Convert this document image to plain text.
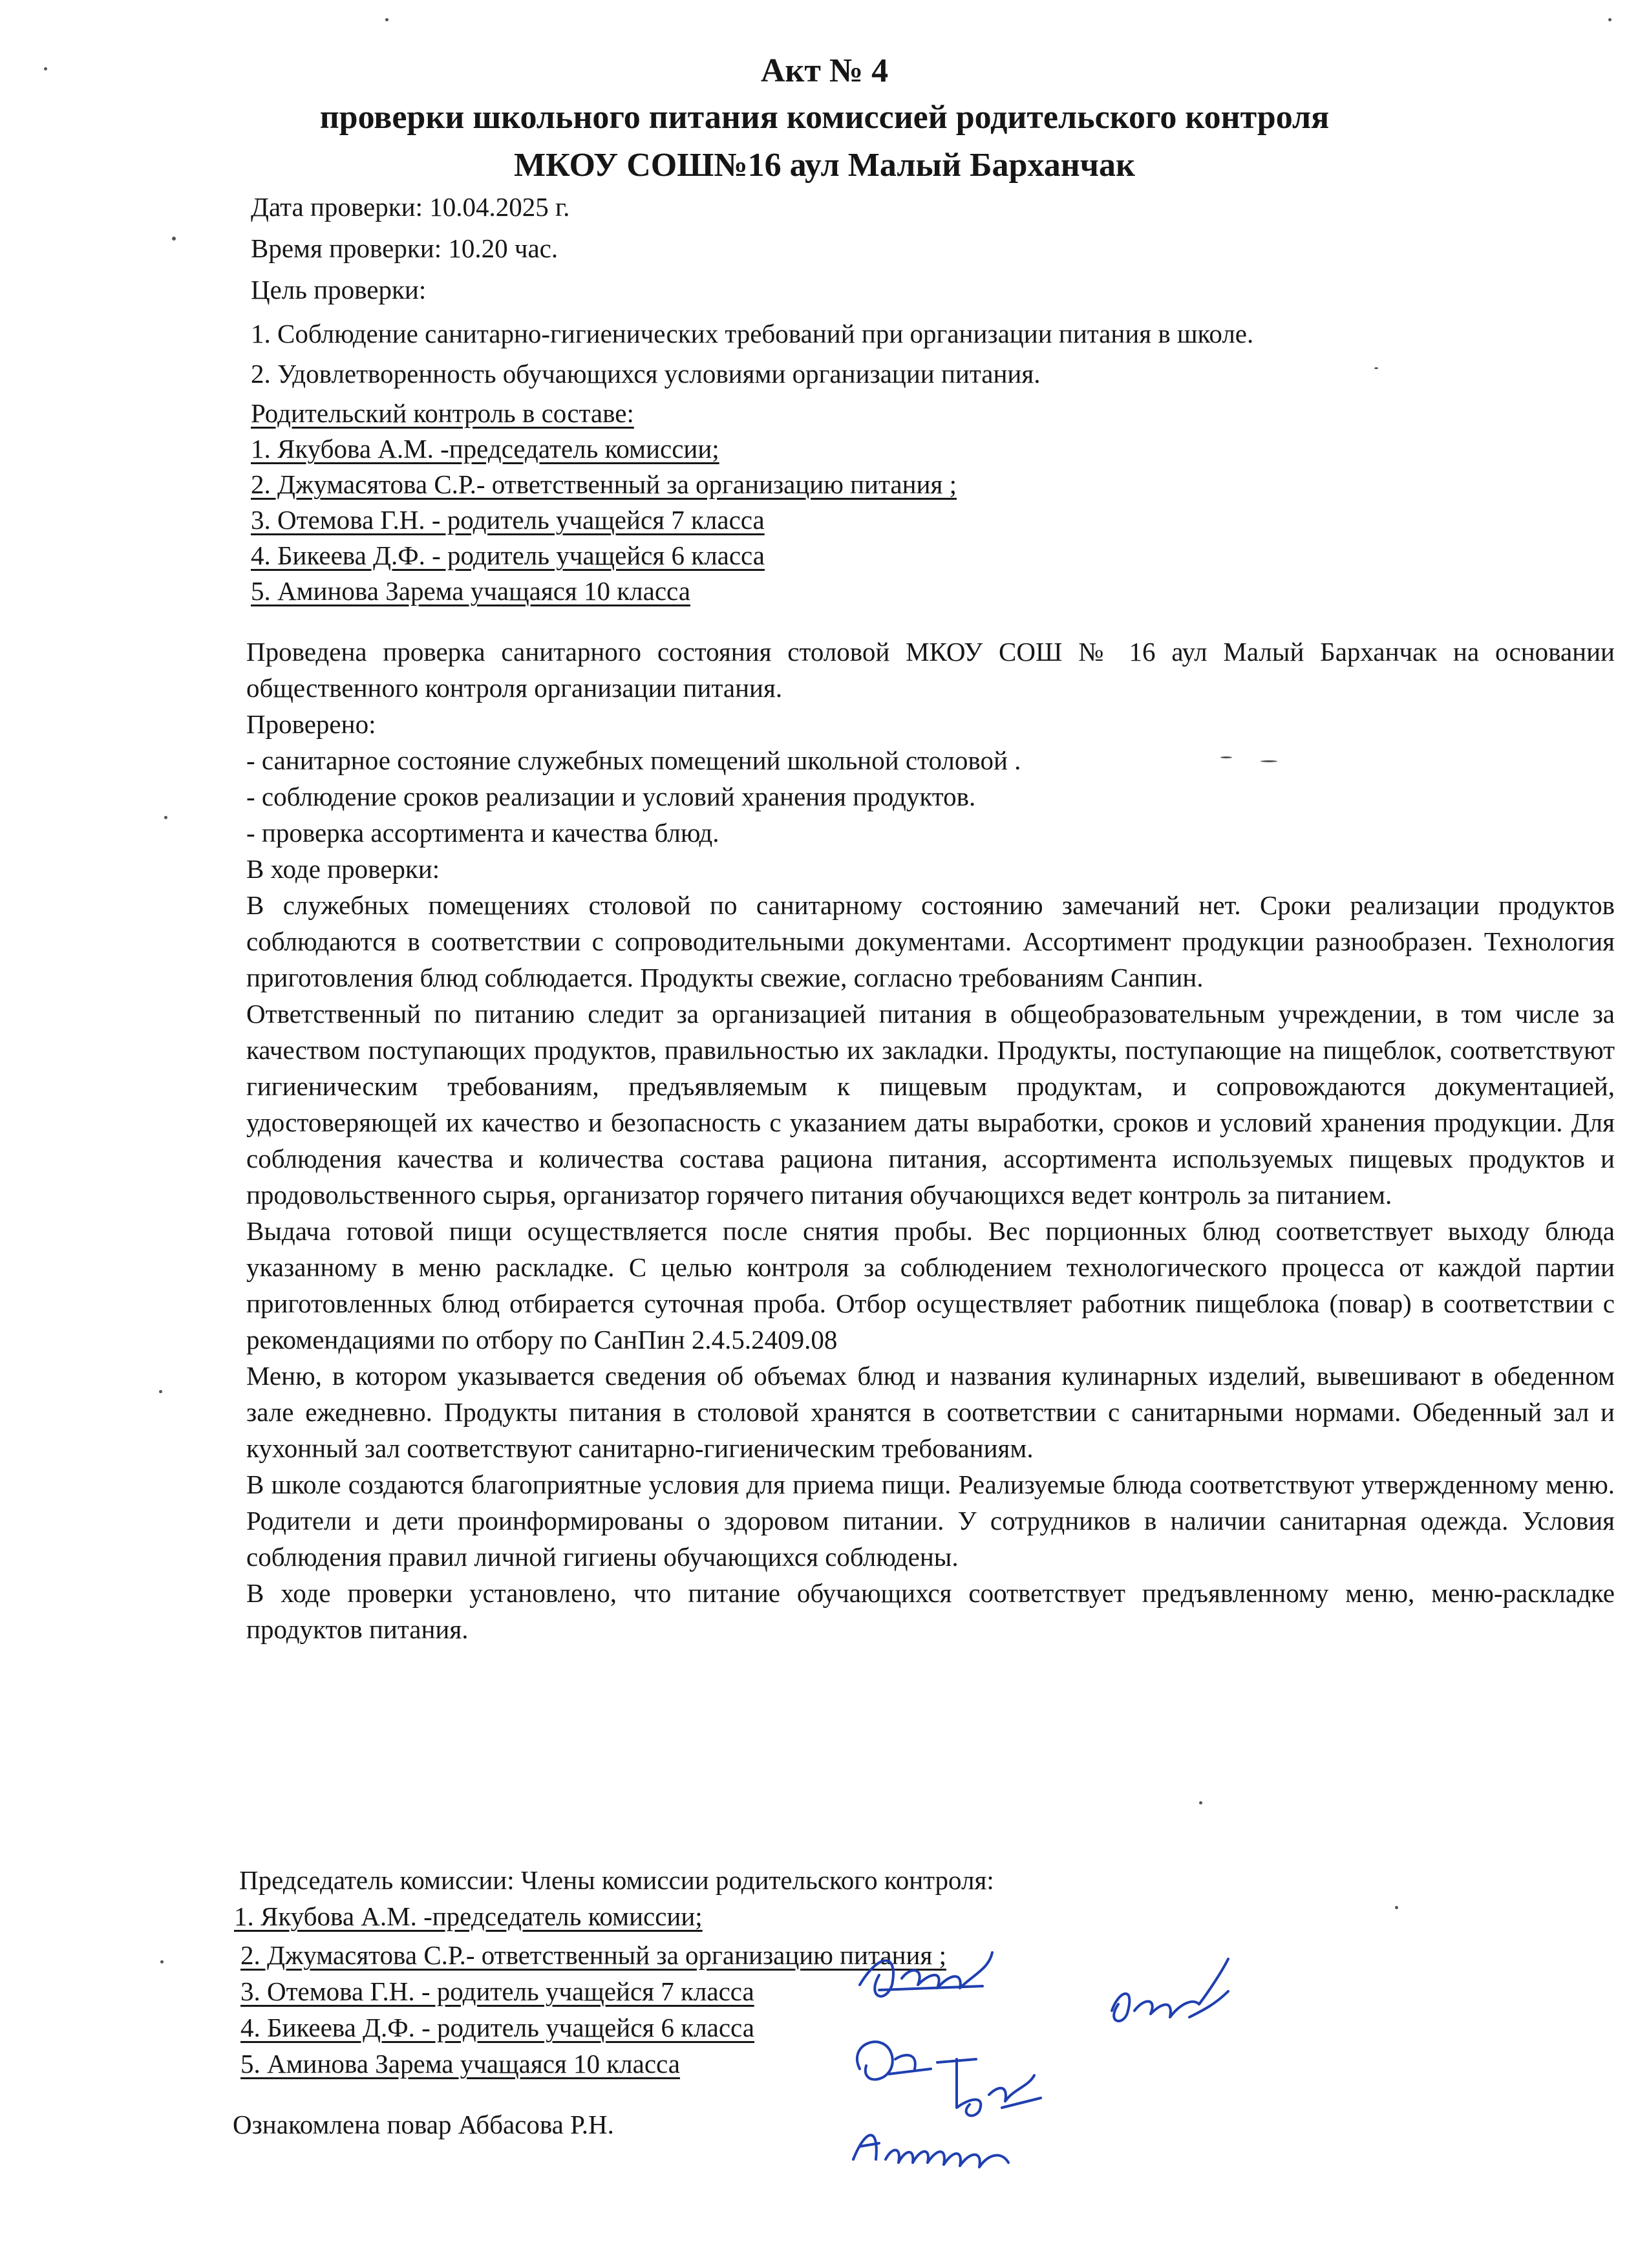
Акт № 4
проверки школьного питания комиссией родительского контроля
МКОУ СОШ№16 аул Малый Барханчак
Дата проверки: 10.04.2025 г.
Время проверки: 10.20 час.
Цель проверки:
1. Соблюдение санитарно-гигиенических требований при организации питания в школе.
2. Удовлетворенность обучающихся условиями организации питания.
Родительский контроль в составе:
1. Якубова А.М. -председатель комиссии;
2. Джумасятова С.Р.- ответственный за организацию питания ;
3. Отемова Г.Н. - родитель учащейся 7 класса
4. Бикеева Д.Ф. - родитель учащейся 6 класса
5. Аминова Зарема учащаяся 10 класса
Проведена проверка санитарного состояния столовой МКОУ СОШ № 16 аул Малый Барханчак на основании общественного контроля организации питания.
Проверено:
- санитарное состояние служебных помещений школьной столовой .
- соблюдение сроков реализации и условий хранения продуктов.
- проверка ассортимента и качества блюд.
В ходе проверки:
В служебных помещениях столовой по санитарному состоянию замечаний нет. Сроки реализации продуктов соблюдаются в соответствии с сопроводительными документами. Ассортимент продукции разнообразен. Технология приготовления блюд соблюдается. Продукты свежие, согласно требованиям Санпин.
Ответственный по питанию следит за организацией питания в общеобразовательным учреждении, в том числе за качеством поступающих продуктов, правильностью их закладки. Продукты, поступающие на пищеблок, соответствуют гигиеническим требованиям, предъявляемым к пищевым продуктам, и сопровождаются документацией, удостоверяющей их качество и безопасность с указанием даты выработки, сроков и условий хранения продукции. Для соблюдения качества и количества состава рациона питания, ассортимента используемых пищевых продуктов и продовольственного сырья, организатор горячего питания обучающихся ведет контроль за питанием.
Выдача готовой пищи осуществляется после снятия пробы. Вес порционных блюд соответствует выходу блюда указанному в меню раскладке. С целью контроля за соблюдением технологического процесса от каждой партии приготовленных блюд отбирается суточная проба. Отбор осуществляет работник пищеблока (повар) в соответствии с рекомендациями по отбору по СанПин 2.4.5.2409.08
Меню, в котором указывается сведения об объемах блюд и названия кулинарных изделий, вывешивают в обеденном зале ежедневно. Продукты питания в столовой хранятся в соответствии с санитарными нормами. Обеденный зал и кухонный зал соответствуют санитарно-гигиеническим требованиям.
В школе создаются благоприятные условия для приема пищи. Реализуемые блюда соответствуют утвержденному меню. Родители и дети проинформированы о здоровом питании. У сотрудников в наличии санитарная одежда. Условия соблюдения правил личной гигиены обучающихся соблюдены.
В ходе проверки установлено, что питание обучающихся соответствует предъявленному меню, меню-раскладке продуктов питания.
Председатель комиссии: Члены комиссии родительского контроля:
1. Якубова А.М. -председатель комиссии;
2. Джумасятова С.Р.- ответственный за организацию питания ;
3. Отемова Г.Н. - родитель учащейся 7 класса
4. Бикеева Д.Ф. - родитель учащейся 6 класса
5. Аминова Зарема учащаяся 10 класса
Ознакомлена повар Аббасова Р.Н.
